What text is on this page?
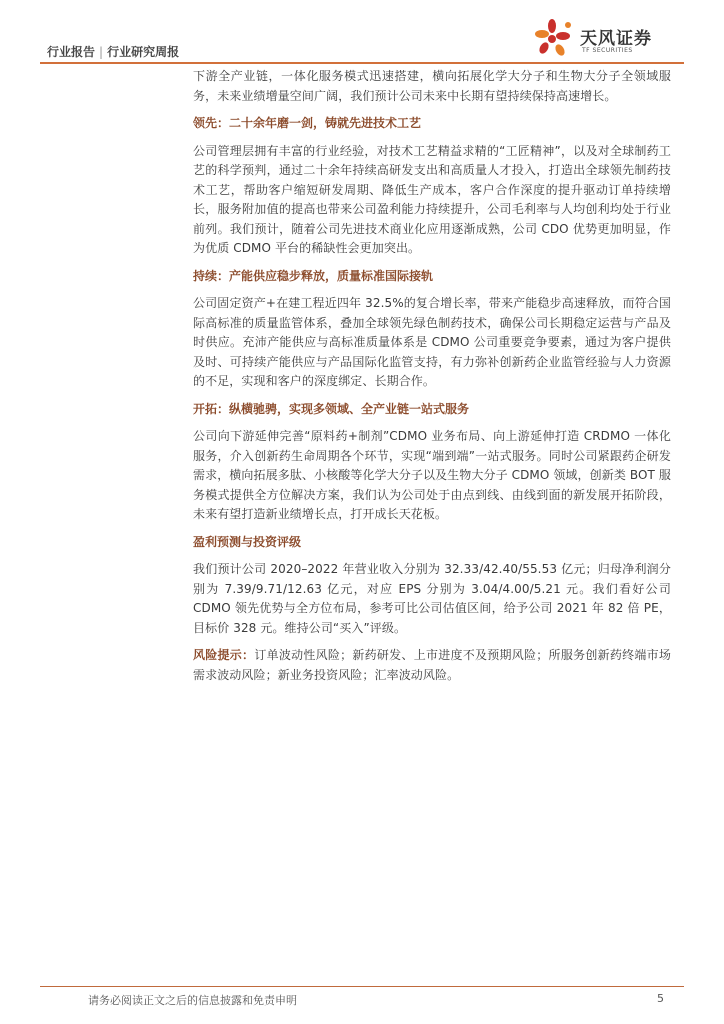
行业报告 | 行业研究周报
天风证券
TF SECURITIES

下游全产业链，一体化服务模式迅速搭建，横向拓展化学大分子和生物大分子全领域服务，未来业绩增量空间广阔，我们预计公司未来中长期有望持续保持高速增长。

领先：二十余年磨一剑，铸就先进技术工艺

公司管理层拥有丰富的行业经验，对技术工艺精益求精的“工匠精神”，以及对全球制药工艺的科学预判，通过二十余年持续高研发支出和高质量人才投入，打造出全球领先制药技术工艺，帮助客户缩短研发周期、降低生产成本，客户合作深度的提升驱动订单持续增长，服务附加值的提高也带来公司盈利能力持续提升，公司毛利率与人均创利均处于行业前列。我们预计，随着公司先进技术商业化应用逐渐成熟，公司 CDO 优势更加明显，作为优质 CDMO 平台的稀缺性会更加突出。

持续：产能供应稳步释放，质量标准国际接轨

公司固定资产+在建工程近四年 32.5%的复合增长率，带来产能稳步高速释放，而符合国际高标准的质量监管体系，叠加全球领先绿色制药技术，确保公司长期稳定运营与产品及时供应。充沛产能供应与高标准质量体系是 CDMO 公司重要竞争要素，通过为客户提供及时、可持续产能供应与产品国际化监管支持，有力弥补创新药企业监管经验与人力资源的不足，实现和客户的深度绑定、长期合作。

开拓：纵横驰骋，实现多领域、全产业链一站式服务

公司向下游延伸完善“原料药+制剂”CDMO 业务布局、向上游延伸打造 CRDMO 一体化服务，介入创新药生命周期各个环节，实现“端到端”一站式服务。同时公司紧跟药企研发需求，横向拓展多肽、小核酸等化学大分子以及生物大分子 CDMO 领域，创新类 BOT 服务模式提供全方位解决方案，我们认为公司处于由点到线、由线到面的新发展开拓阶段，未来有望打造新业绩增长点，打开成长天花板。

盈利预测与投资评级

我们预计公司 2020–2022 年营业收入分别为 32.33/42.40/55.53 亿元；归母净利润分别为 7.39/9.71/12.63 亿元，对应 EPS 分别为 3.04/4.00/5.21 元。我们看好公司 CDMO 领先优势与全方位布局，参考可比公司估值区间，给予公司 2021 年 82 倍 PE，目标价 328 元。维持公司“买入”评级。

风险提示：订单波动性风险；新药研发、上市进度不及预期风险；所服务创新药终端市场需求波动风险；新业务投资风险；汇率波动风险。

请务必阅读正文之后的信息披露和免责申明	5
